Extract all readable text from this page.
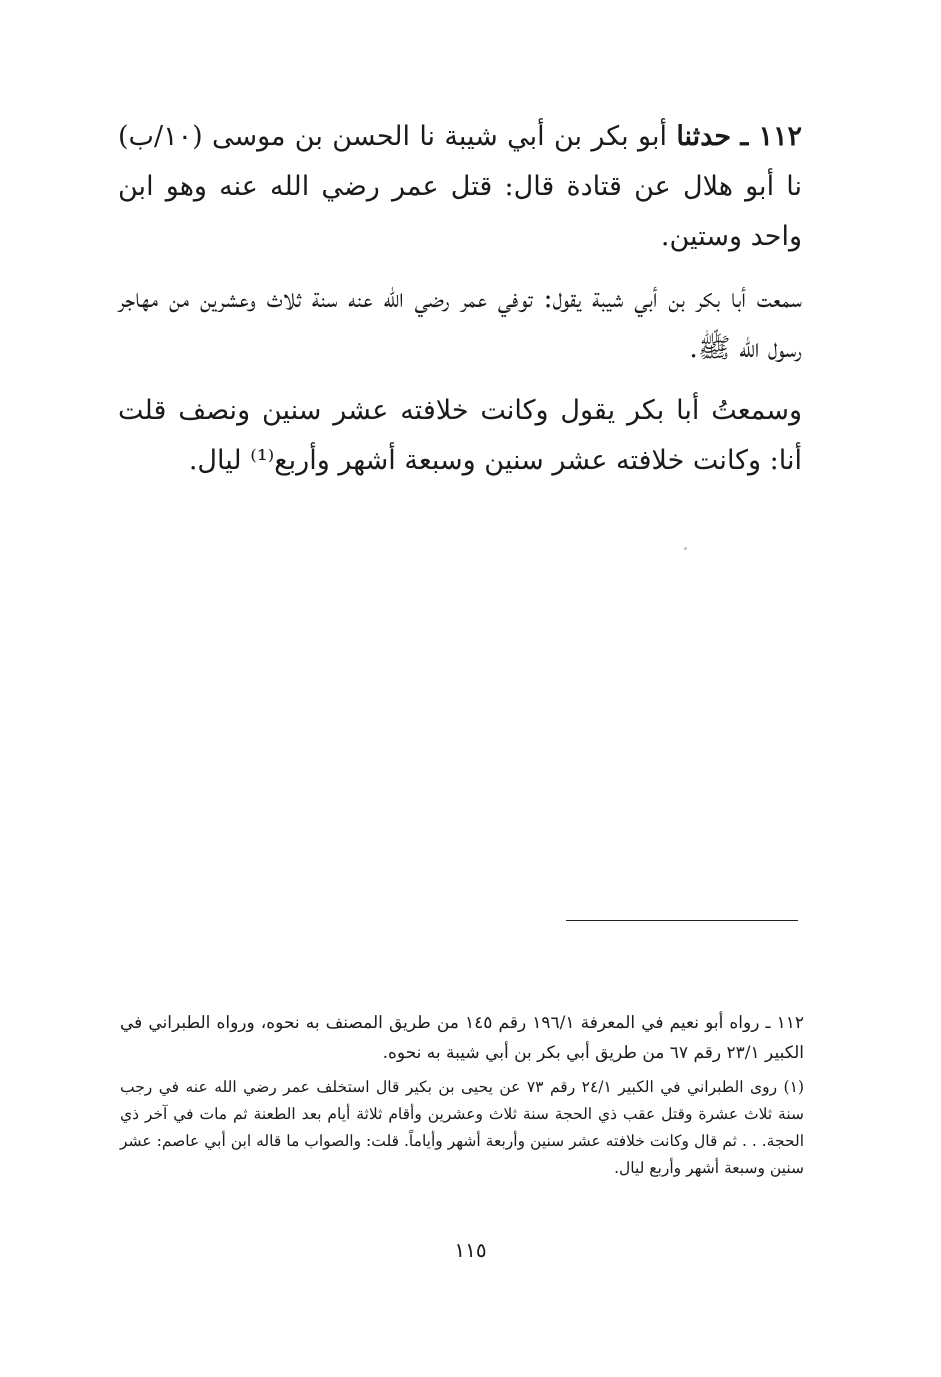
١١٢ ـ حدثنا أبو بكر بن أبي شيبة نا الحسن بن موسى (١٠/ب) نا أبو هلال عن قتادة قال: قتل عمر رضي الله عنه وهو ابن واحد وستين.

سمعت أبا بكر بن أبي شيبة يقول: توفي عمر رضي الله عنه سنة ثلاث وعشرين من مهاجر رسول الله ﷺ.

وسمعتُ أبا بكر يقول وكانت خلافته عشر سنين ونصف قلت أنا: وكانت خلافته عشر سنين وسبعة أشهر وأربع⁽¹⁾ ليال.

١١٢ ـ رواه أبو نعيم في المعرفة ١٩٦/١ رقم ١٤٥ من طريق المصنف به نحوه، ورواه الطبراني في الكبير ٢٣/١ رقم ٦٧ من طريق أبي بكر بن أبي شيبة به نحوه.

(١) روى الطبراني في الكبير ٢٤/١ رقم ٧٣ عن يحيى بن بكير قال استخلف عمر رضي الله عنه في رجب سنة ثلاث عشرة وقتل عقب ذي الحجة سنة ثلاث وعشرين وأقام ثلاثة أيام بعد الطعنة ثم مات في آخر ذي الحجة. . . ثم قال وكانت خلافته عشر سنين وأربعة أشهر وأياماً. قلت: والصواب ما قاله ابن أبي عاصم: عشر سنين وسبعة أشهر وأربع ليال.

١١٥
